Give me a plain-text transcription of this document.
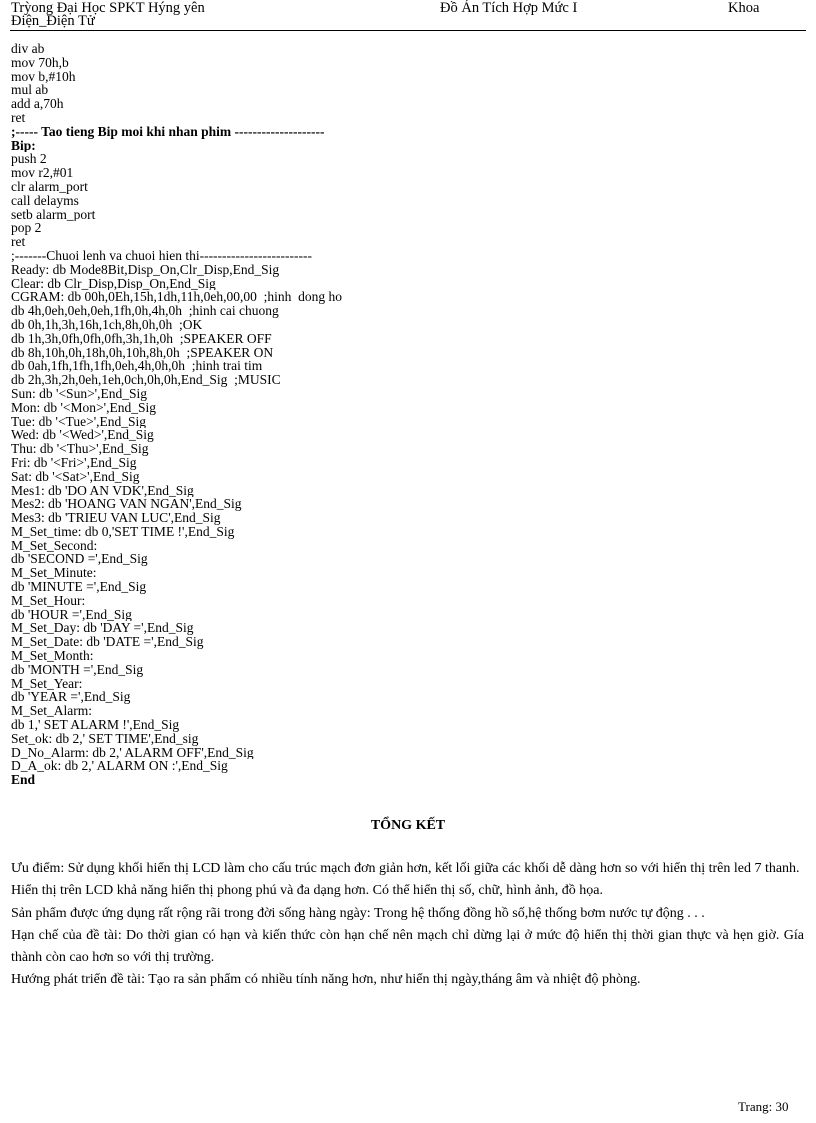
Trỳong Đại Học SPKT Hýng yên	Đồ Án Tích Hợp Mức I	Khoa
Điện_Điện Tử
div ab
mov 70h,b
mov b,#10h
mul ab
add a,70h
ret
;----- Tao tieng Bip moi khi nhan phim --------------------
Bip:
push 2
mov r2,#01
clr alarm_port
call delayms
setb alarm_port
pop 2
ret
;-------Chuoi lenh va chuoi hien thi-------------------------
Ready: db Mode8Bit,Disp_On,Clr_Disp,End_Sig
Clear: db Clr_Disp,Disp_On,End_Sig
CGRAM: db 00h,0Eh,15h,1dh,11h,0eh,00,00  ;hinh  dong ho
db 4h,0eh,0eh,0eh,1fh,0h,4h,0h  ;hinh cai chuong
db 0h,1h,3h,16h,1ch,8h,0h,0h  ;OK
db 1h,3h,0fh,0fh,0fh,3h,1h,0h  ;SPEAKER OFF
db 8h,10h,0h,18h,0h,10h,8h,0h  ;SPEAKER ON
db 0ah,1fh,1fh,1fh,0eh,4h,0h,0h  ;hinh trai tim
db 2h,3h,2h,0eh,1eh,0ch,0h,0h,End_Sig  ;MUSIC
Sun: db '<Sun>',End_Sig
Mon: db '<Mon>',End_Sig
Tue: db '<Tue>',End_Sig
Wed: db '<Wed>',End_Sig
Thu: db '<Thu>',End_Sig
Fri: db '<Fri>',End_Sig
Sat: db '<Sat>',End_Sig
Mes1: db 'DO AN VDK',End_Sig
Mes2: db 'HOANG VAN NGAN',End_Sig
Mes3: db 'TRIEU VAN LUC',End_Sig
M_Set_time: db 0,'SET TIME !',End_Sig
M_Set_Second:
db 'SECOND =',End_Sig
M_Set_Minute:
db 'MINUTE =',End_Sig
M_Set_Hour:
db 'HOUR =',End_Sig
M_Set_Day: db 'DAY =',End_Sig
M_Set_Date: db 'DATE =',End_Sig
M_Set_Month:
db 'MONTH =',End_Sig
M_Set_Year:
db 'YEAR =',End_Sig
M_Set_Alarm:
db 1,' SET ALARM !',End_Sig
Set_ok: db 2,' SET TIME',End_sig
D_No_Alarm: db 2,' ALARM OFF',End_Sig
D_A_ok: db 2,' ALARM ON :',End_Sig
End
TỔNG KẾT

Ưu điểm: Sử dụng khối hiển thị LCD làm cho cấu trúc mạch đơn giản hơn, kết lối giữa các khối dễ dàng hơn so với hiển thị trên led 7 thanh.

Hiển thị trên LCD khả năng hiển thị phong phú và đa dạng hơn. Có thể hiển thị số, chữ, hình ảnh, đồ họa.

Sản phẩm được ứng dụng rất rộng rãi trong đời sống hàng ngày: Trong hệ thống đồng hồ số,hệ thống bơm nước tự động . . .

Hạn chế của đề tài: Do thời gian có hạn và kiến thức còn hạn chế nên mạch chỉ dừng lại ở mức độ hiển thị thời gian thực và hẹn giờ. Gía thành còn cao hơn so với thị trường.

Hướng phát triển đề tài: Tạo ra sản phẩm có nhiều tính năng hơn, như hiển thị ngày,tháng âm và nhiệt độ phòng.

Trang: 30
